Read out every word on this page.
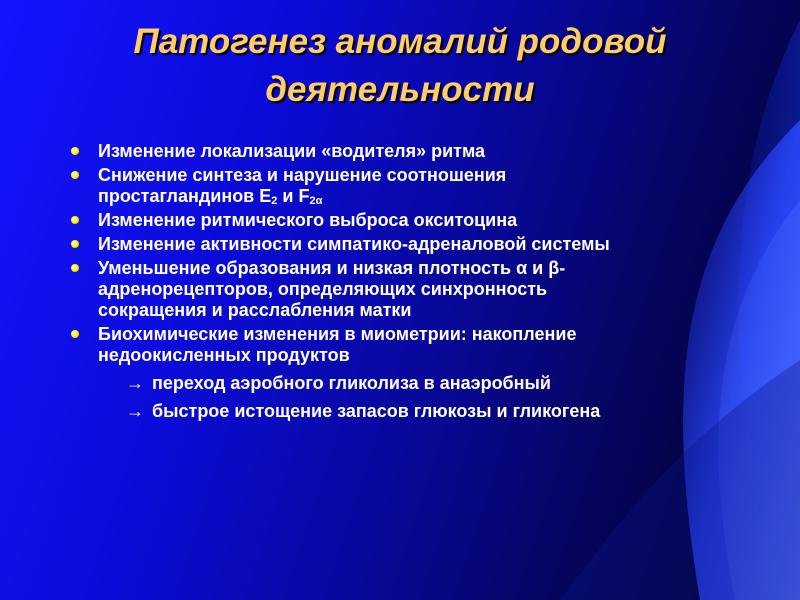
Патогенез аномалий родовой
деятельности
Изменение локализации «водителя» ритма
Снижение синтеза и нарушение соотношения
простагландинов $Е_2$ и $F_{2\alpha}$
Изменение ритмического выброса окситоцина
Изменение активности симпатико-адреналовой системы
Уменьшение образования и низкая плотность α и β-
адренорецепторов, определяющих синхронность
сокращения и расслабления матки
Биохимические изменения в миометрии: накопление
недоокисленных продуктов
→ переход аэробного гликолиза в анаэробный
→ быстрое истощение запасов глюкозы и гликогена
